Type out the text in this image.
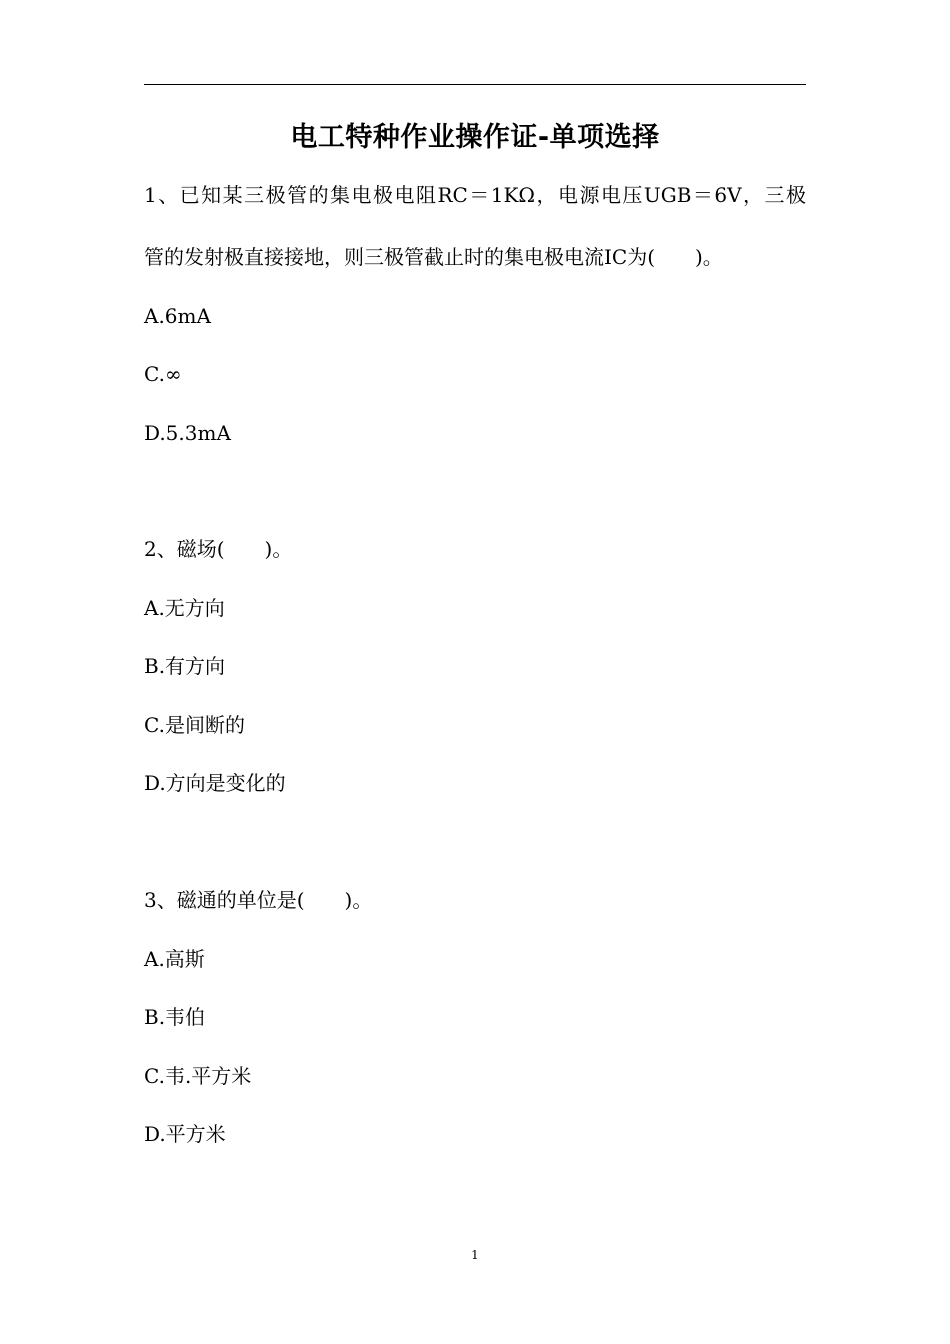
电工特种作业操作证-单项选择
1、已知某三极管的集电极电阻RC＝1KΩ，电源电压UGB＝6V，三极
管的发射极直接接地，则三极管截止时的集电极电流IC为(　　)。
A.6mA
C.∞
D.5.3mA
2、磁场(　　)。
A.无方向
B.有方向
C.是间断的
D.方向是变化的
3、磁通的单位是(　　)。
A.高斯
B.韦伯
C.韦.平方米
D.平方米
1
